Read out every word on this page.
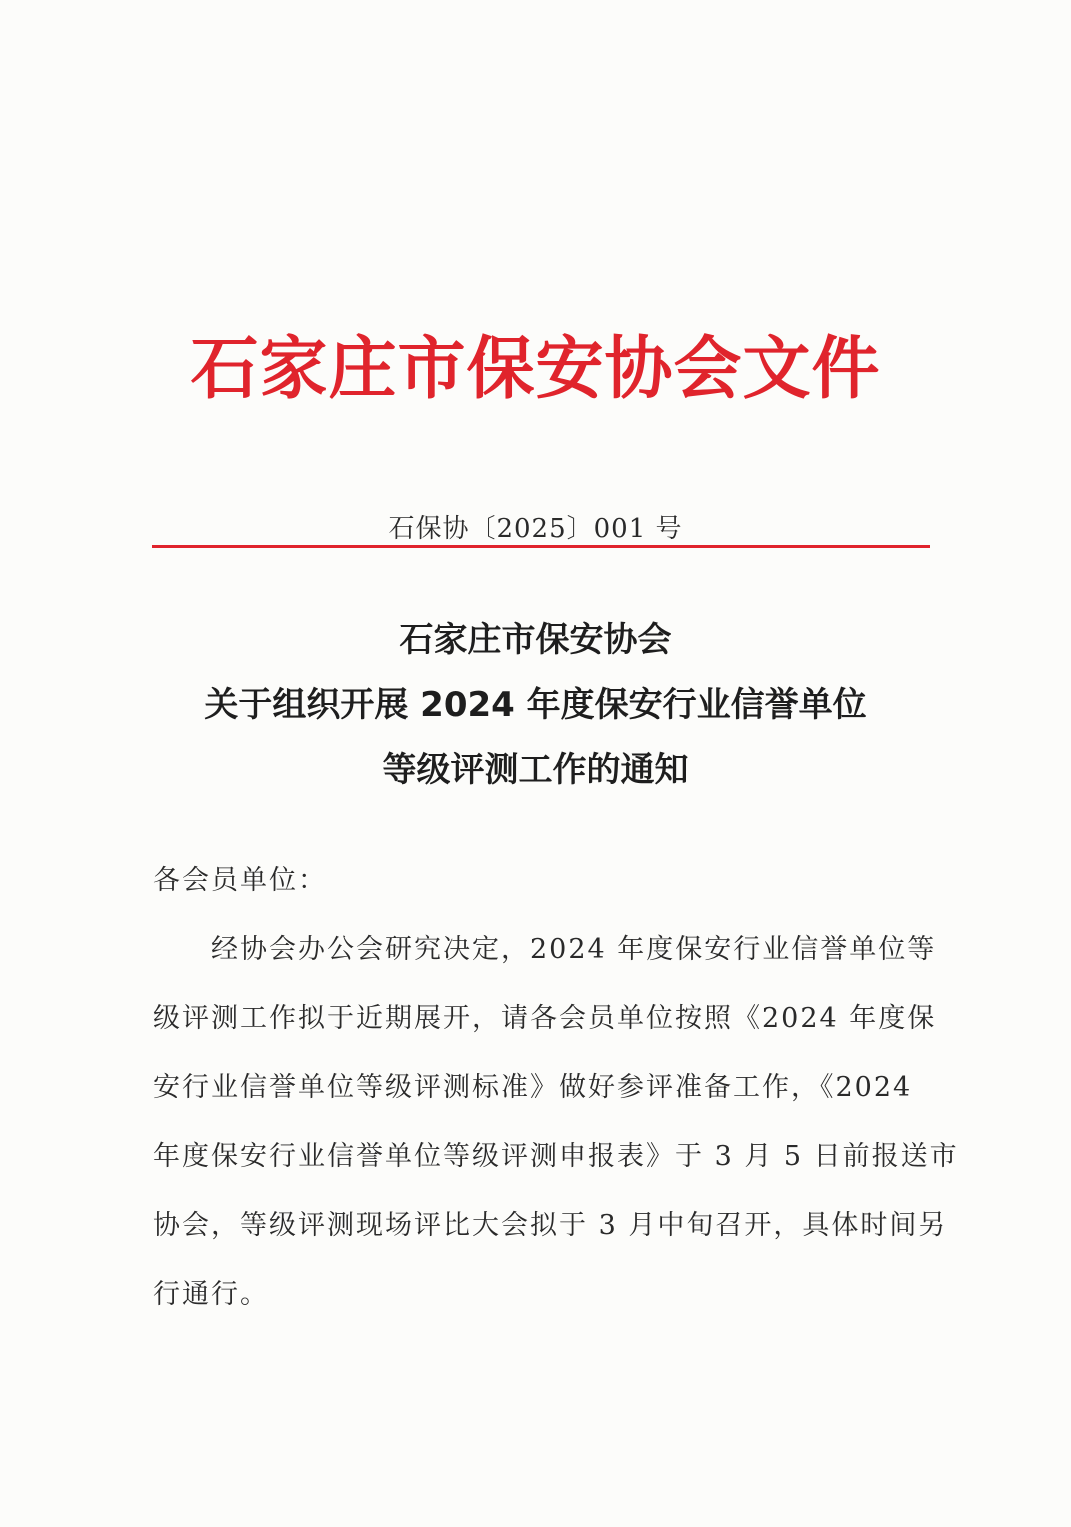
石家庄市保安协会文件
石保协〔2025〕001 号
石家庄市保安协会
关于组织开展 2024 年度保安行业信誉单位
等级评测工作的通知
各会员单位：
　　经协会办公会研究决定，2024 年度保安行业信誉单位等
级评测工作拟于近期展开，请各会员单位按照《2024 年度保
安行业信誉单位等级评测标准》做好参评准备工作，《2024
年度保安行业信誉单位等级评测申报表》于 3 月 5 日前报送市
协会，等级评测现场评比大会拟于 3 月中旬召开，具体时间另
行通行。
